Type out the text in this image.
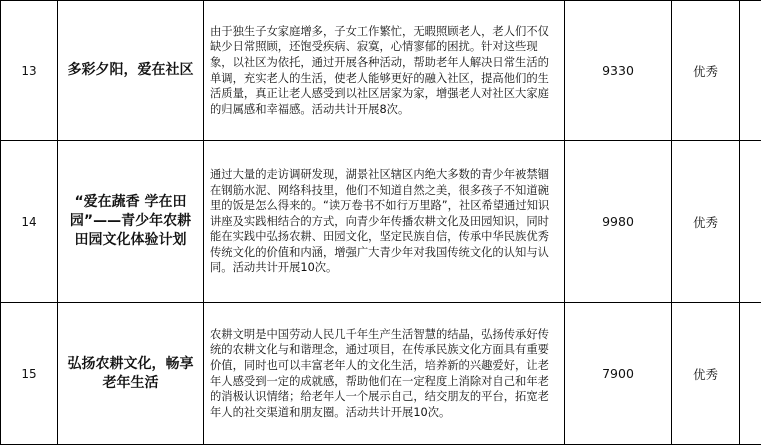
13	多彩夕阳，爱在社区	由于独生子女家庭增多，子女工作繁忙，无暇照顾老人，老人们不仅缺少日常照顾，还饱受疾病、寂寞，心情寥郁的困扰。针对这些现象，以社区为依托，通过开展各种活动，帮助老年人解决日常生活的单调，充实老人的生活，使老人能够更好的融入社区，提高他们的生活质量，真正让老人感受到以社区居家为家，增强老人对社区大家庭的归属感和幸福感。活动共计开展8次。	9330	优秀	
14	“爱在蔬香 学在田园”——青少年农耕田园文化体验计划	通过大量的走访调研发现，湖景社区辖区内绝大多数的青少年被禁锢在钢筋水泥、网络科技里，他们不知道自然之美，很多孩子不知道碗里的饭是怎么得来的。“读万卷书不如行万里路”，社区希望通过知识讲座及实践相结合的方式，向青少年传播农耕文化及田园知识，同时能在实践中弘扬农耕、田园文化，坚定民族自信，传承中华民族优秀传统文化的价值和内涵，增强广大青少年对我国传统文化的认知与认同。活动共计开展10次。	9980	优秀	
15	弘扬农耕文化，畅享老年生活	农耕文明是中国劳动人民几千年生产生活智慧的结晶，弘扬传承好传统的农耕文化与和谐理念，通过项目，在传承民族文化方面具有重要价值，同时也可以丰富老年人的文化生活，培养新的兴趣爱好，让老年人感受到一定的成就感，帮助他们在一定程度上消除对自己和年老的消极认识情绪；给老年人一个展示自己，结交朋友的平台，拓宽老年人的社交渠道和朋友圈。活动共计开展10次。	7900	优秀	
